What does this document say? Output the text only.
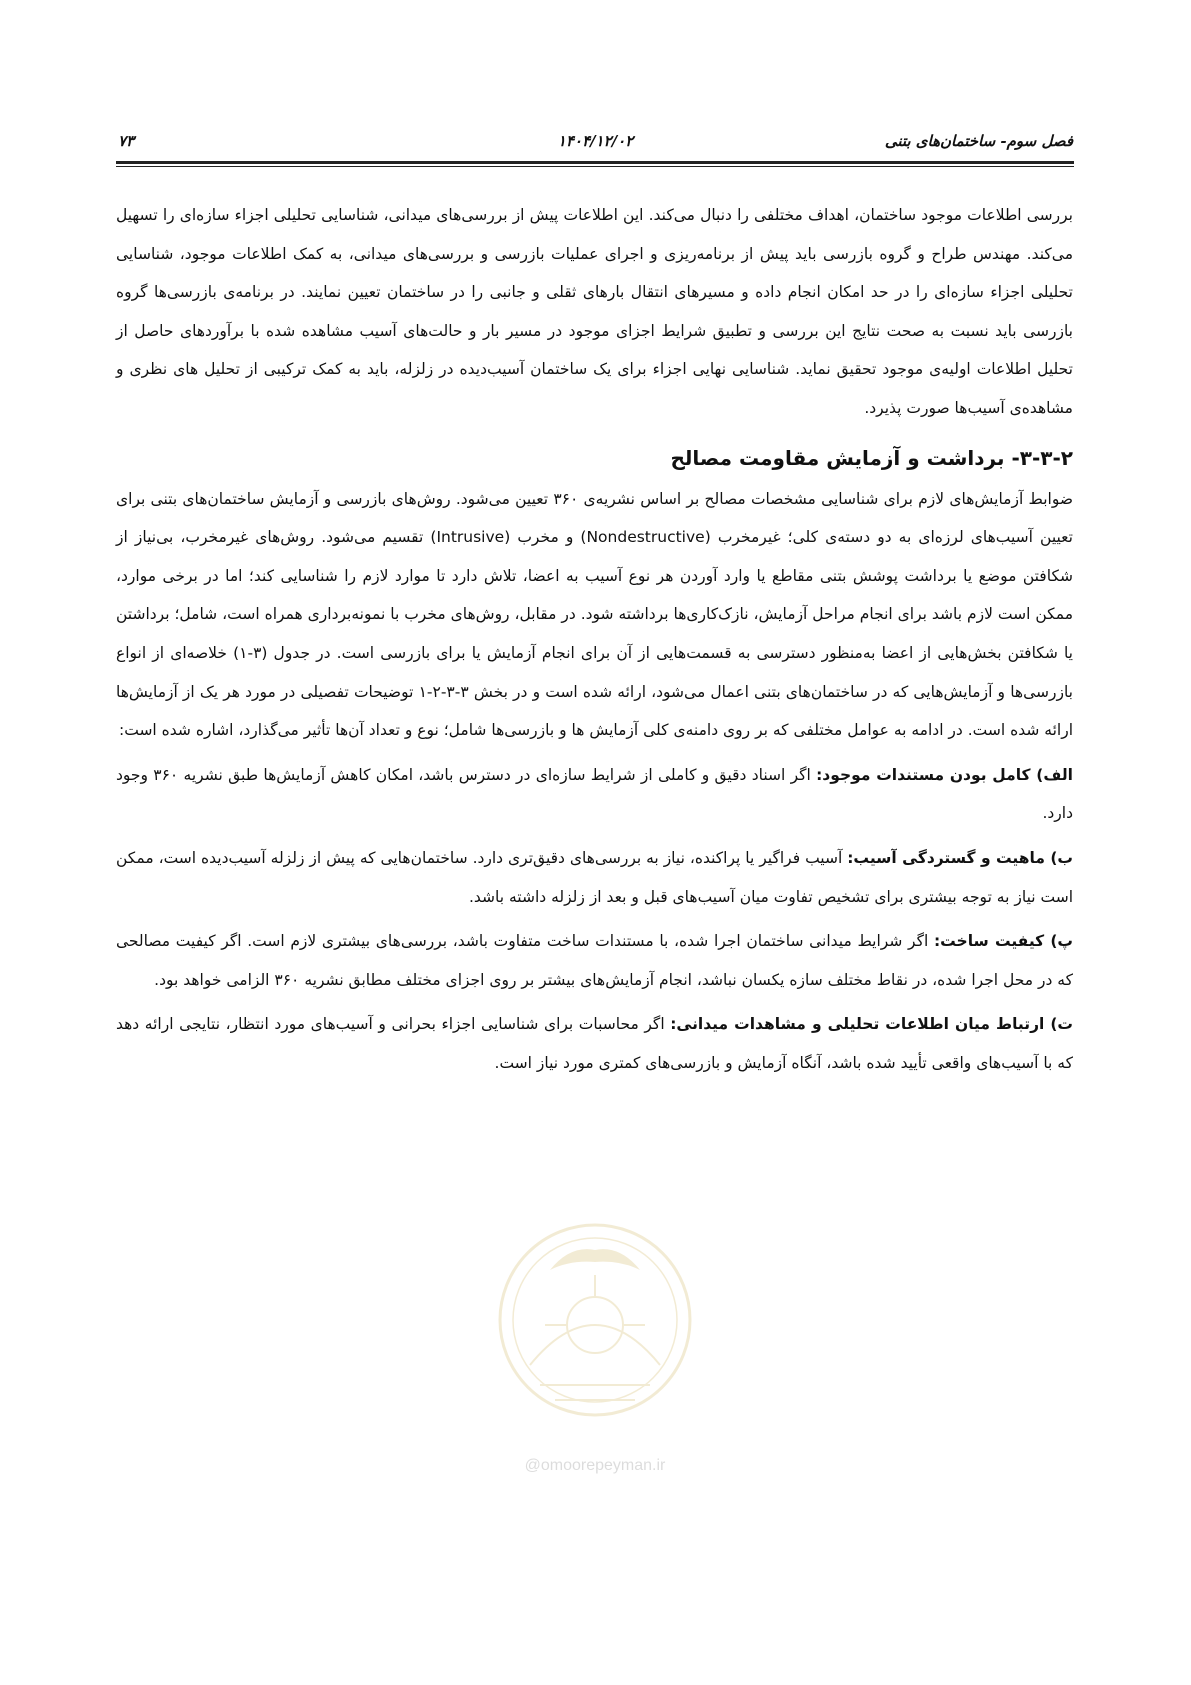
فصل سوم- ساختمان‌های بتنی
۱۴۰۴/۱۲/۰۲
۷۳

بررسی اطلاعات موجود ساختمان، اهداف مختلفی را دنبال می‌کند. این اطلاعات پیش از بررسی‌های میدانی، شناسایی تحلیلی اجزاء سازه‌ای را تسهیل می‌کند. مهندس طراح و گروه بازرسی باید پیش از برنامه‌ریزی و اجرای عملیات بازرسی و بررسی‌های میدانی، به کمک اطلاعات موجود، شناسایی تحلیلی اجزاء سازه‌ای را در حد امکان انجام داده و مسیرهای انتقال بارهای ثقلی و جانبی را در ساختمان تعیین نمایند. در برنامه‌ی بازرسی‌ها گروه بازرسی باید نسبت به صحت نتایج این بررسی و تطبیق شرایط اجزای موجود در مسیر بار و حالت‌های آسیب مشاهده شده با برآوردهای حاصل از تحلیل اطلاعات اولیه‌ی موجود تحقیق نماید. شناسایی نهایی اجزاء برای یک ساختمان آسیب‌دیده در زلزله، باید به کمک ترکیبی از تحلیل های نظری و مشاهده‌ی آسیب‌ها صورت پذیرد.

۳-۳-۲- برداشت و آزمایش مقاومت مصالح

ضوابط آزمایش‌های لازم برای شناسایی مشخصات مصالح بر اساس نشریه‌ی ۳۶۰ تعیین می‌شود. روش‌های بازرسی و آزمایش ساختمان‌های بتنی برای تعیین آسیب‌های لرزه‌ای به دو دسته‌ی کلی؛ غیرمخرب (Nondestructive) و مخرب (Intrusive) تقسیم می‌شود. روش‌های غیرمخرب، بی‌نیاز از شکافتن موضع یا برداشت پوشش بتنی مقاطع یا وارد آوردن هر نوع آسیب به اعضا، تلاش دارد تا موارد لازم را شناسایی کند؛ اما در برخی موارد، ممکن است لازم باشد برای انجام مراحل آزمایش، نازک‌کاری‌ها برداشته شود. در مقابل، روش‌های مخرب با نمونه‌برداری همراه است، شامل؛ برداشتن یا شکافتن بخش‌هایی از اعضا به‌منظور دسترسی به قسمت‌هایی از آن برای انجام آزمایش یا برای بازرسی است. در جدول (۳-۱) خلاصه‌ای از انواع بازرسی‌ها و آزمایش‌هایی که در ساختمان‌های بتنی اعمال می‌شود، ارائه شده است و در بخش ۳-۳-۲-۱ توضیحات تفصیلی در مورد هر یک از آزمایش‌ها ارائه شده است. در ادامه به عوامل مختلفی که بر روی دامنه‌ی کلی آزمایش ها و بازرسی‌ها شامل؛ نوع و تعداد آن‌ها تأثیر می‌گذارد، اشاره شده است:

الف) کامل بودن مستندات موجود: اگر اسناد دقیق و کاملی از شرایط سازه‌ای در دسترس باشد، امکان کاهش آزمایش‌ها طبق نشریه ۳۶۰ وجود دارد.

ب) ماهیت و گستردگی آسیب: آسیب فراگیر یا پراکنده، نیاز به بررسی‌های دقیق‌تری دارد. ساختمان‌هایی که پیش از زلزله آسیب‌دیده است، ممکن است نیاز به توجه بیشتری برای تشخیص تفاوت میان آسیب‌های قبل و بعد از زلزله داشته باشد.

پ) کیفیت ساخت: اگر شرایط میدانی ساختمان اجرا شده، با مستندات ساخت متفاوت باشد، بررسی‌های بیشتری لازم است. اگر کیفیت مصالحی که در محل اجرا شده، در نقاط مختلف سازه یکسان نباشد، انجام آزمایش‌های بیشتر بر روی اجزای مختلف مطابق نشریه ۳۶۰ الزامی خواهد بود.

ت) ارتباط میان اطلاعات تحلیلی و مشاهدات میدانی: اگر محاسبات برای شناسایی اجزاء بحرانی و آسیب‌های مورد انتظار، نتایجی ارائه دهد که با آسیب‌های واقعی تأیید شده باشد، آنگاه آزمایش و بازرسی‌های کمتری مورد نیاز است.

@omoorepeyman.ir
